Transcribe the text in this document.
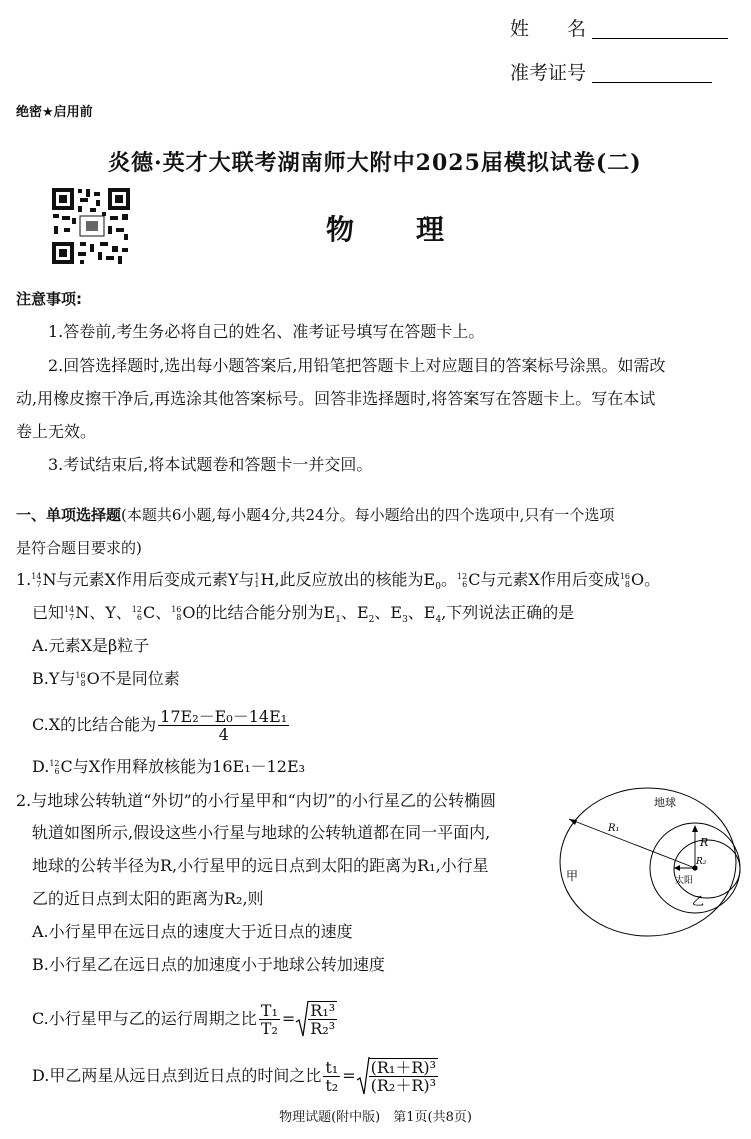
姓　　名
准考证号
绝密★启用前
炎德·英才大联考湖南师大附中2025届模拟试卷(二)
物　　理
注意事项:
1.答卷前,考生务必将自己的姓名、准考证号填写在答题卡上。
2.回答选择题时,选出每小题答案后,用铅笔把答题卡上对应题目的答案标号涂黑。如需改
动,用橡皮擦干净后,再选涂其他答案标号。回答非选择题时,将答案写在答题卡上。写在本试
卷上无效。
3.考试结束后,将本试题卷和答题卡一并交回。
一、单项选择题(本题共6小题,每小题4分,共24分。每小题给出的四个选项中,只有一个选项
是符合题目要求的)
1. 14
7 N与元素X作用后变成元素Y与 1
1 H,此反应放出的核能为$E_0$。 12
6 C与元素X作用后变成 16
8 O。
已知 14
7 N、Y、 12
6 C、 16
8 O的比结合能分别为$E_1$、$E_2$、$E_3$、$E_4$,下列说法正确的是
A.元素X是β粒子
B.Y与 16
8 O不是同位素
C.X的比结合能为 $\frac{\text{17E₂－E₀－14E₁}}{4}$
D. 12
6 C与X作用释放核能为16E₁－12E₃
2.与地球公转轨道“外切”的小行星甲和“内切”的小行星乙的公转椭圆
轨道如图所示,假设这些小行星与地球的公转轨道都在同一平面内,
地球的公转半径为R,小行星甲的远日点到太阳的距离为R₁,小行星
乙的近日点到太阳的距离为R₂,则
A.小行星甲在远日点的速度大于近日点的速度
B.小行星乙在远日点的加速度小于地球公转加速度
C.小行星甲与乙的运行周期之比 $\frac{\text{T₁}}{\text{T₂}} = \frac{\text{R₁³}}{\text{R₂³}}$
D.甲乙两星从远日点到近日点的时间之比 $\frac{\text{t₁}}{\text{t₂}} = \frac{\text{(R₁＋R)³}}{\text{(R₂＋R)³}}$
地球
R₁
R
R₂
太阳
甲
乙
物理试题(附中版)　第1页(共8页)
